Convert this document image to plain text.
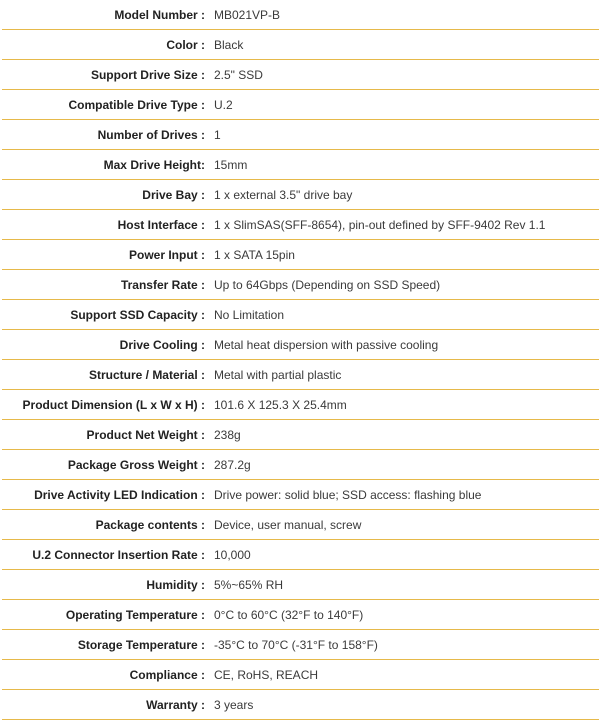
Model Number :	MB021VP-B
Color :	Black
Support Drive Size :	2.5" SSD
Compatible Drive Type :	U.2
Number of Drives :	1
Max Drive Height:	15mm
Drive Bay :	1 x external 3.5" drive bay
Host Interface :	1 x SlimSAS(SFF-8654), pin-out defined by SFF-9402 Rev 1.1
Power Input :	1 x SATA 15pin
Transfer Rate :	Up to 64Gbps (Depending on SSD Speed)
Support SSD Capacity :	No Limitation
Drive Cooling :	Metal heat dispersion with passive cooling
Structure / Material :	Metal with partial plastic
Product Dimension (L x W x H) :	101.6 X 125.3 X 25.4mm
Product Net Weight :	238g
Package Gross Weight :	287.2g
Drive Activity LED Indication :	Drive power: solid blue; SSD access: flashing blue
Package contents :	Device, user manual, screw
U.2 Connector Insertion Rate :	10,000
Humidity :	5%~65% RH
Operating Temperature :	0°C to 60°C (32°F to 140°F)
Storage Temperature :	-35°C to 70°C (-31°F to 158°F)
Compliance :	CE, RoHS, REACH
Warranty :	3 years
